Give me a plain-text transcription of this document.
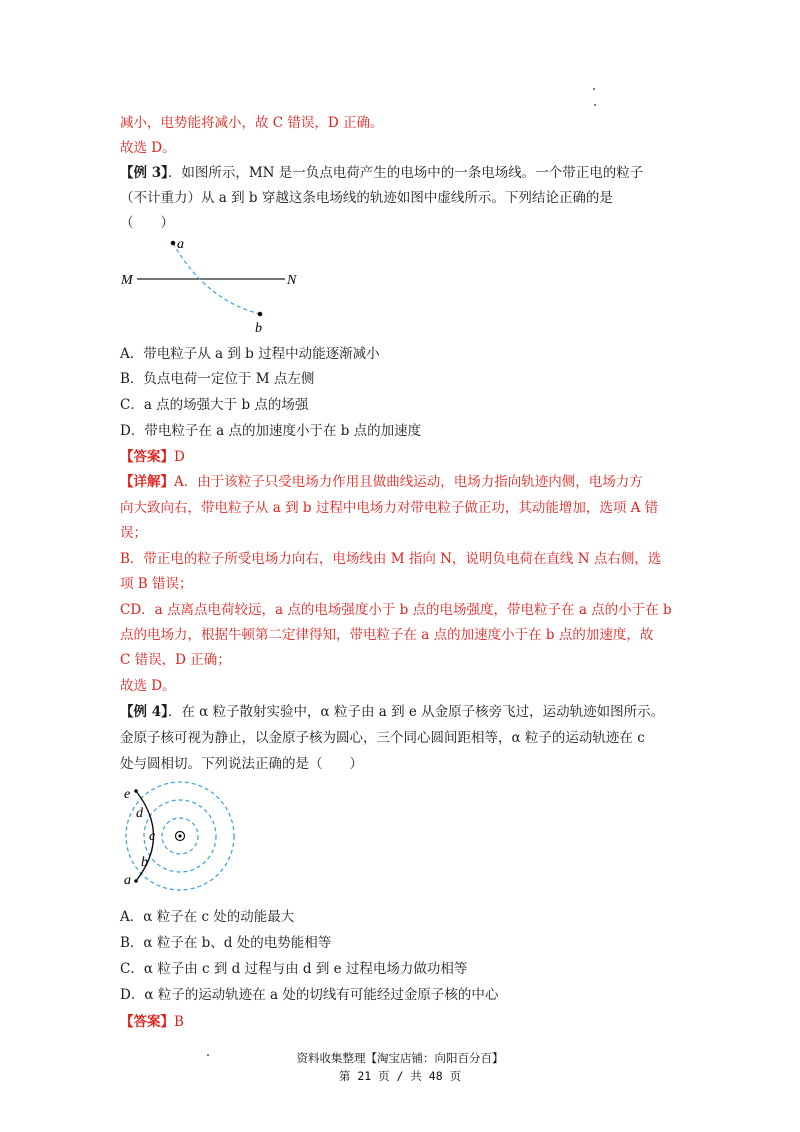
减小，电势能将减小，故 C 错误，D 正确。
故选 D。
【例 3】．如图所示，MN 是一负点电荷产生的电场中的一条电场线。一个带正电的粒子
（不计重力）从 a 到 b 穿越这条电场线的轨迹如图中虚线所示。下列结论正确的是
（　　）
a
b
M	N
A．带电粒子从 a 到 b 过程中动能逐渐减小
B．负点电荷一定位于 M 点左侧
C．a 点的场强大于 b 点的场强
D．带电粒子在 a 点的加速度小于在 b 点的加速度
【答案】D
【详解】A．由于该粒子只受电场力作用且做曲线运动，电场力指向轨迹内侧，电场力方
向大致向右，带电粒子从 a 到 b 过程中电场力对带电粒子做正功，其动能增加，选项 A 错
误；
B．带正电的粒子所受电场力向右，电场线由 M 指向 N，说明负电荷在直线 N 点右侧，选
项 B 错误；
CD．a 点离点电荷较远，a 点的电场强度小于 b 点的电场强度，带电粒子在 a 点的小于在 b
点的电场力，根据牛顿第二定律得知，带电粒子在 a 点的加速度小于在 b 点的加速度，故
C 错误，D 正确；
故选 D。
【例 4】．在 α 粒子散射实验中，α 粒子由 a 到 e 从金原子核旁飞过，运动轨迹如图所示。
金原子核可视为静止，以金原子核为圆心，三个同心圆间距相等，α 粒子的运动轨迹在 c
处与圆相切。下列说法正确的是（　　）
e
d
c
b
a
A．α 粒子在 c 处的动能最大
B．α 粒子在 b、d 处的电势能相等
C．α 粒子由 c 到 d 过程与由 d 到 e 过程电场力做功相等
D．α 粒子的运动轨迹在 a 处的切线有可能经过金原子核的中心
【答案】B
资料收集整理【淘宝店铺：向阳百分百】
第 21 页 / 共 48 页
